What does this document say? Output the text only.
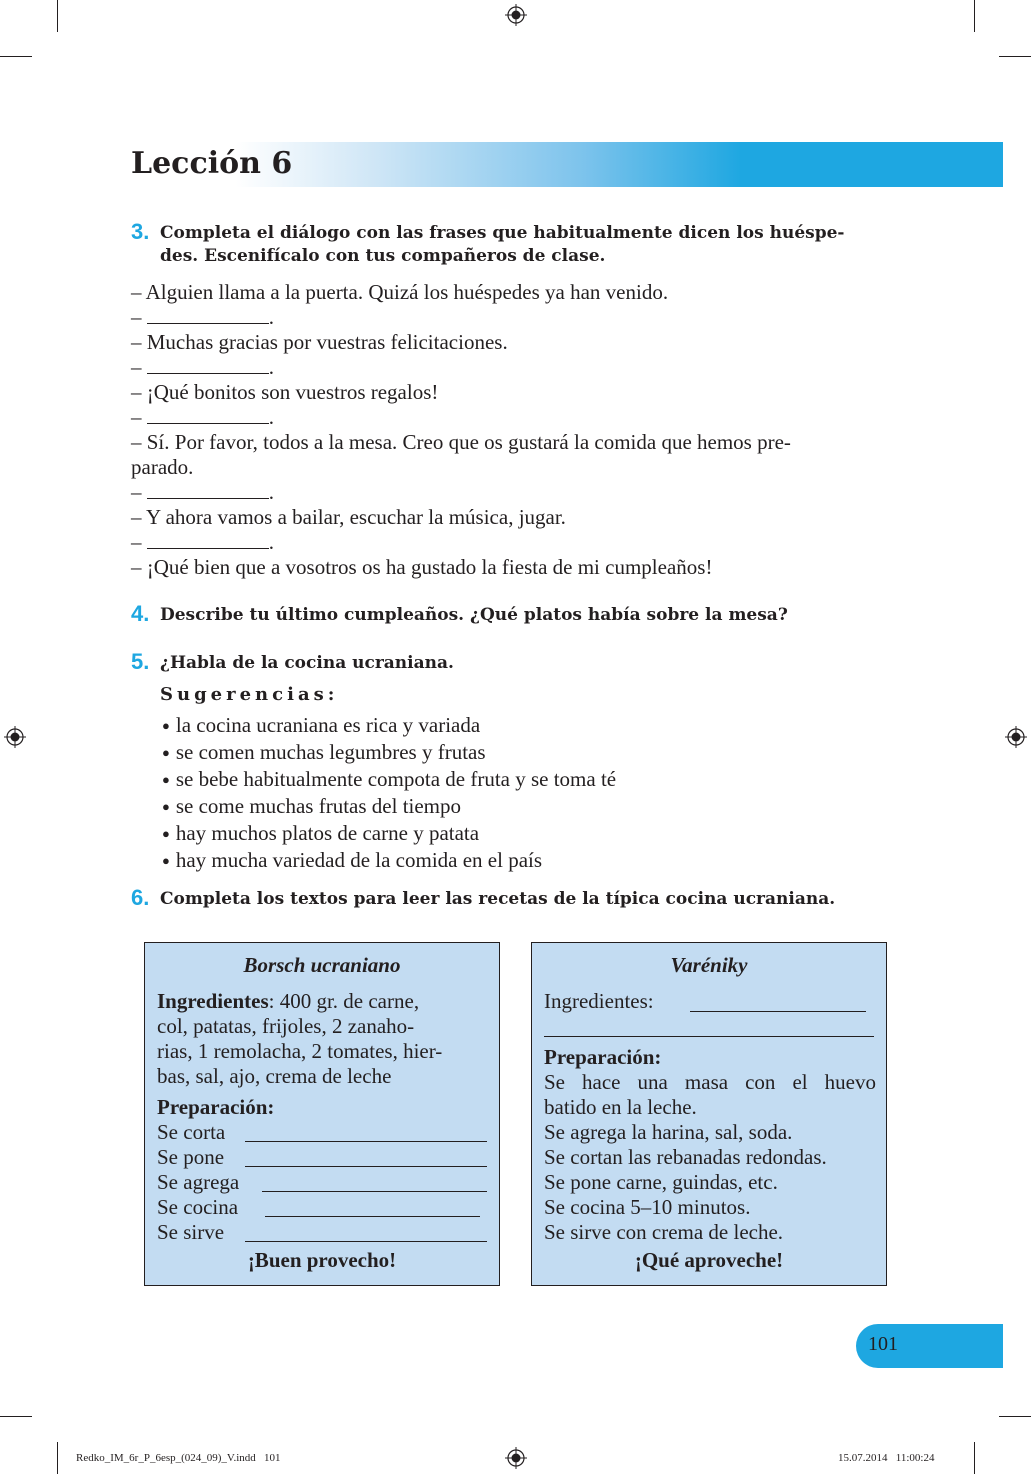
Lección 6
3. Completa el diálogo con las frases que habitualmente dicen los huéspe-
des. Escenifícalo con tus compañeros de clase.
– Alguien llama a la puerta. Quizá los huéspedes ya han venido.
–	.
– Muchas gracias por vuestras felicitaciones.
–	.
– ¡Qué bonitos son vuestros regalos!
–	.
– Sí. Por favor, todos a la mesa. Creo que os gustará la comida que hemos pre-
parado.
–	.
– Y ahora vamos a bailar, escuchar la música, jugar.
–	.
– ¡Qué bien que a vosotros os ha gustado la fiesta de mi cumpleaños!
4. Describe tu último cumpleaños. ¿Qué platos había sobre la mesa?
5. ¿Habla de la cocina ucraniana.
Sugerencias:
● la cocina ucraniana es rica y variada
● se comen muchas legumbres y frutas
● se bebe habitualmente compota de fruta y se toma té
● se come muchas frutas del tiempo
● hay muchos platos de carne y patata
● hay mucha variedad de la comida en el país
6. Completa los textos para leer las recetas de la típica cocina ucraniana.
Borsch ucraniano
Ingredientes: 400 gr. de carne,
col, patatas, frijoles, 2 zanaho-
rias, 1 remolacha, 2 tomates, hier-
bas, sal, ajo, crema de leche
Preparación:
Se corta
Se pone
Se agrega
Se cocina
Se sirve
¡Buen provecho!
Varéniky
Ingredientes:
Preparación:
Se hace una masa con el huevo
batido en la leche.
Se agrega la harina, sal, soda.
Se cortan las rebanadas redondas.
Se pone carne, guindas, etc.
Se cocina 5–10 minutos.
Se sirve con crema de leche.
¡Qué aproveche!
101
Redko_IM_6r_P_6esp_(024_09)_V.indd   101	15.07.2014   11:00:24
